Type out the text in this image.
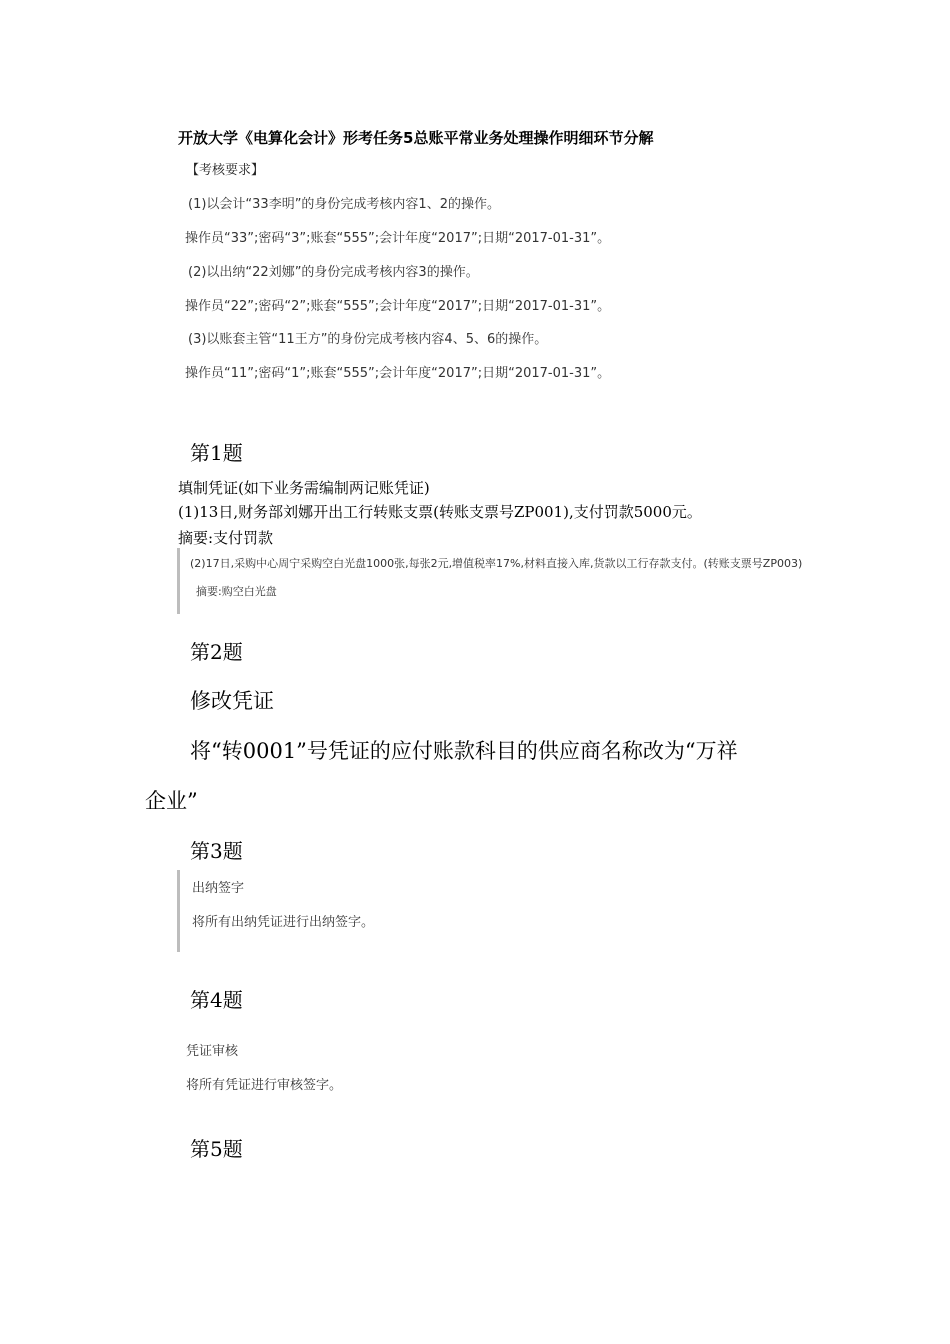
开放大学《电算化会计》形考任务5总账平常业务处理操作明细环节分解
【考核要求】
(1)以会计“33李明”的身份完成考核内容1、2的操作。
操作员“33”;密码“3”;账套“555”;会计年度“2017”;日期“2017-01-31”。
(2)以出纳“22刘娜”的身份完成考核内容3的操作。
操作员“22”;密码“2”;账套“555”;会计年度“2017”;日期“2017-01-31”。
(3)以账套主管“11王方”的身份完成考核内容4、5、6的操作。
操作员“11”;密码“1”;账套“555”;会计年度“2017”;日期“2017-01-31”。
第1题
填制凭证(如下业务需编制两记账凭证)
(1)13日,财务部刘娜开出工行转账支票(转账支票号ZP001),支付罚款5000元。
摘要:支付罚款
(2)17日,采购中心周宁采购空白光盘1000张,每张2元,增值税率17%,材料直接入库,货款以工行存款支付。(转账支票号ZP003)
摘要:购空白光盘
第2题
修改凭证
将“转0001”号凭证的应付账款科目的供应商名称改为“万祥
企业”
第3题
出纳签字
将所有出纳凭证进行出纳签字。
第4题
凭证审核
将所有凭证进行审核签字。
第5题
